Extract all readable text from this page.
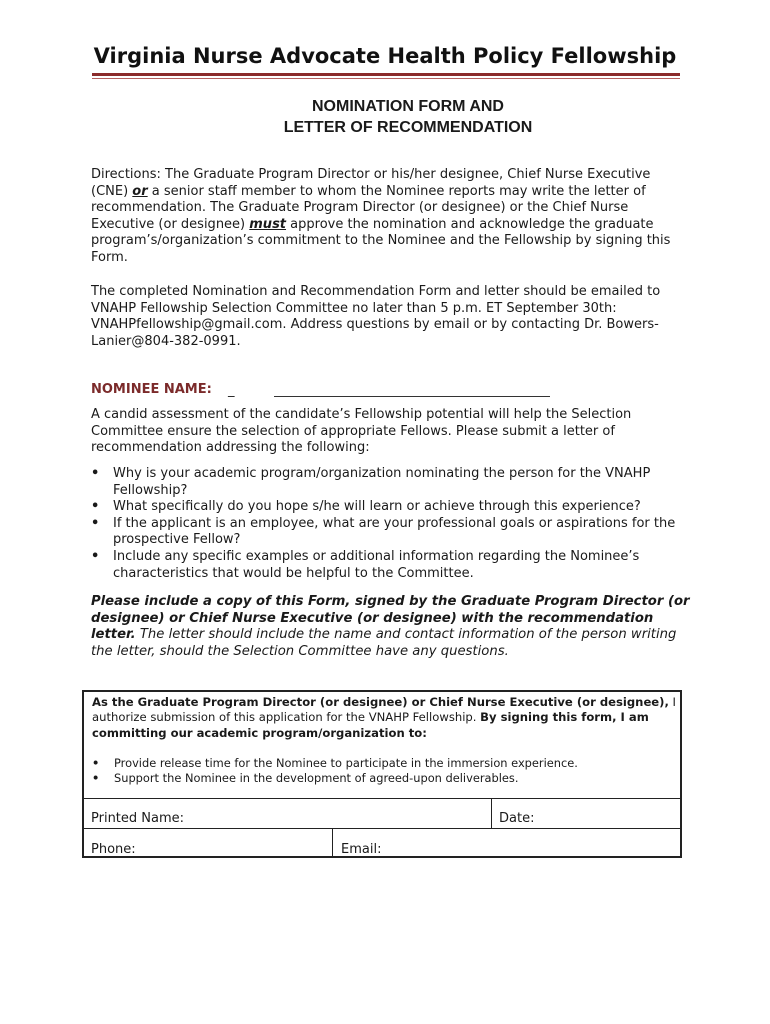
Virginia Nurse Advocate Health Policy Fellowship
NOMINATION FORM AND
LETTER OF RECOMMENDATION
Directions: The Graduate Program Director or his/her designee, Chief Nurse Executive (CNE) or a senior staff member to whom the Nominee reports may write the letter of recommendation. The Graduate Program Director (or designee) or the Chief Nurse Executive (or designee) must approve the nomination and acknowledge the graduate program’s/organization’s commitment to the Nominee and the Fellowship by signing this Form.
The completed Nomination and Recommendation Form and letter should be emailed to VNAHP Fellowship Selection Committee no later than 5 p.m. ET September 30th: VNAHPfellowship@gmail.com. Address questions by email or by contacting Dr. Bowers-Lanier@804-382-0991.
NOMINEE NAME: _
A candid assessment of the candidate’s Fellowship potential will help the Selection Committee ensure the selection of appropriate Fellows. Please submit a letter of recommendation addressing the following:
• Why is your academic program/organization nominating the person for the VNAHP Fellowship?
• What specifically do you hope s/he will learn or achieve through this experience?
• If the applicant is an employee, what are your professional goals or aspirations for the prospective Fellow?
• Include any specific examples or additional information regarding the Nominee’s characteristics that would be helpful to the Committee.
Please include a copy of this Form, signed by the Graduate Program Director (or designee) or Chief Nurse Executive (or designee) with the recommendation letter. The letter should include the name and contact information of the person writing the letter, should the Selection Committee have any questions.
As the Graduate Program Director (or designee) or Chief Nurse Executive (or designee), I authorize submission of this application for the VNAHP Fellowship. By signing this form, I am committing our academic program/organization to:
• Provide release time for the Nominee to participate in the immersion experience.
• Support the Nominee in the development of agreed-upon deliverables.
Printed Name:	Date:
Phone:	Email:
